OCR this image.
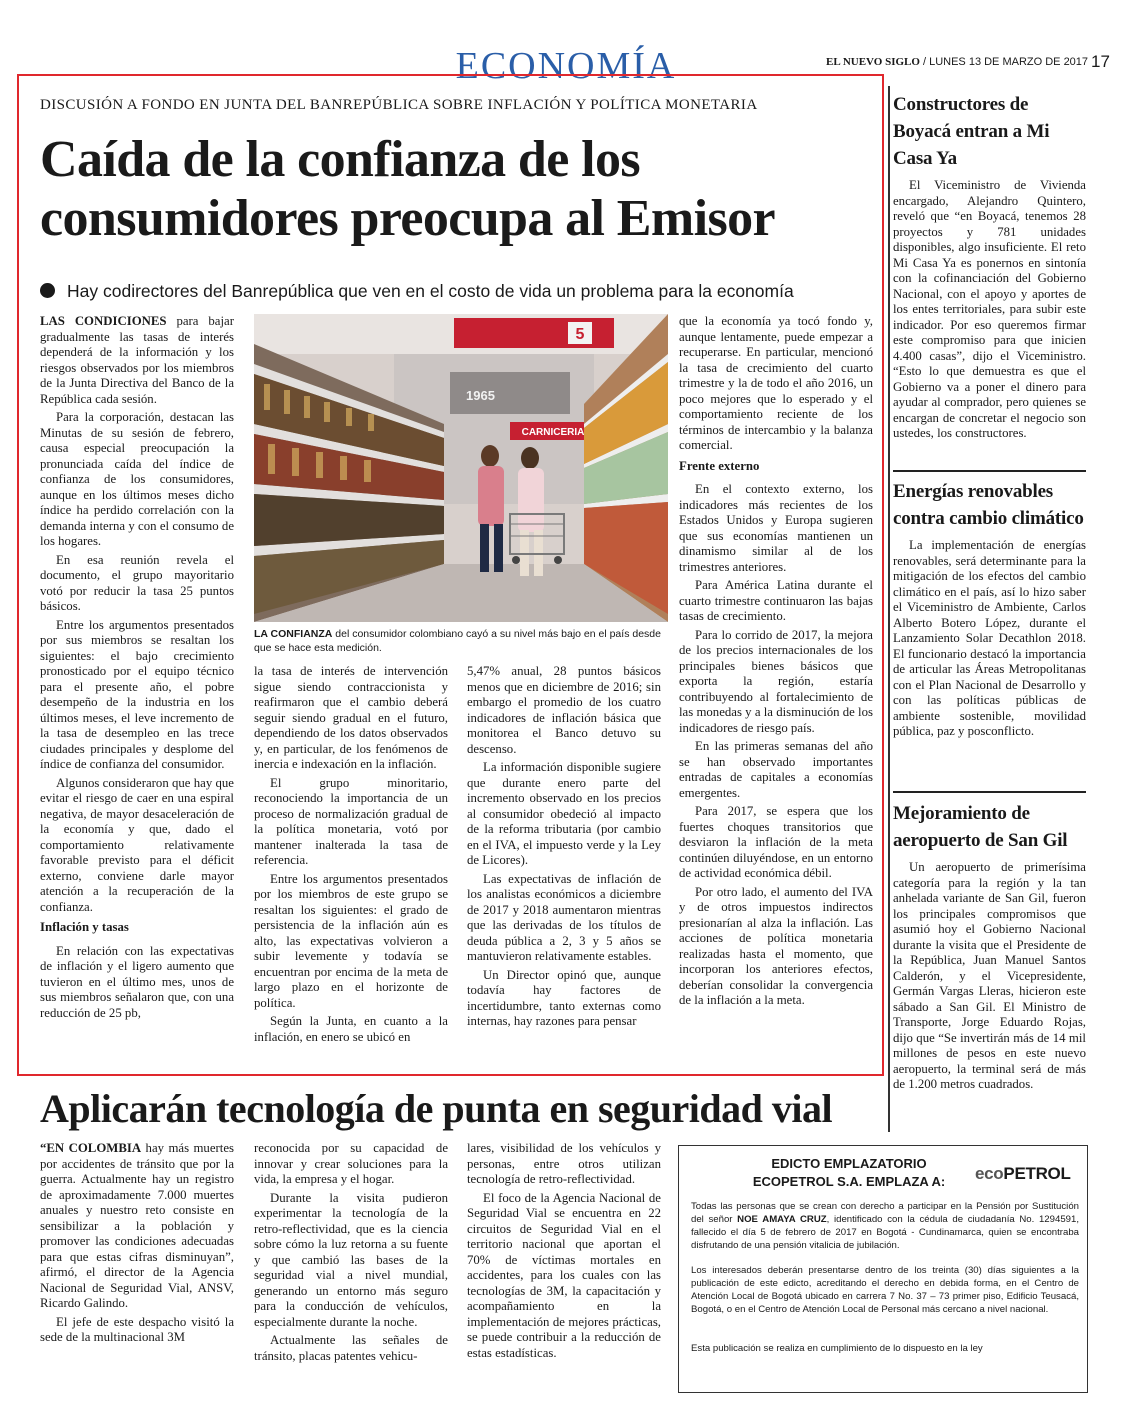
ECONOMÍA	EL NUEVO SIGLO / LUNES 13 DE MARZO DE 2017 17
DISCUSIÓN A FONDO EN JUNTA DEL BANREPÚBLICA SOBRE INFLACIÓN Y POLÍTICA MONETARIA
Caída de la confianza de los consumidores preocupa al Emisor
Hay codirectores del Banrepública que ven en el costo de vida un problema para la economía

LAS CONDICIONES para bajar gradualmente las tasas de interés dependerá de la información y los riesgos observados por los miembros de la Junta Directiva del Banco de la República cada sesión.

Para la corporación, destacan las Minutas de su sesión de febrero, causa especial preocupación la pronunciada caída del índice de confianza de los consumidores, aunque en los últimos meses dicho índice ha perdido correlación con la demanda interna y con el consumo de los hogares.

En esa reunión revela el documento, el grupo mayoritario votó por reducir la tasa 25 puntos básicos.

Entre los argumentos presentados por sus miembros se resaltan los siguientes: el bajo crecimiento pronosticado por el equipo técnico para el presente año, el pobre desempeño de la industria en los últimos meses, el leve incremento de la tasa de desempleo en las trece ciudades principales y desplome del índice de confianza del consumidor.

Algunos consideraron que hay que evitar el riesgo de caer en una espiral negativa, de mayor desaceleración de la economía y que, dado el comportamiento relativamente favorable previsto para el déficit externo, conviene darle mayor atención a la recuperación de la confianza.

Inflación y tasas

En relación con las expectativas de inflación y el ligero aumento que tuvieron en el último mes, unos de sus miembros señalaron que, con una reducción de 25 pb,

5
1965
CARNICERIA
LA CONFIANZA del consumidor colombiano cayó a su nivel más bajo en el país desde que se hace esta medición.

la tasa de interés de intervención sigue siendo contraccionista y reafirmaron que el cambio deberá seguir siendo gradual en el futuro, dependiendo de los datos observados y, en particular, de los fenómenos de inercia e indexación en la inflación.

El grupo minoritario, reconociendo la importancia de un proceso de normalización gradual de la política monetaria, votó por mantener inalterada la tasa de referencia.

Entre los argumentos presentados por los miembros de este grupo se resaltan los siguientes: el grado de persistencia de la inflación aún es alto, las expectativas volvieron a subir levemente y todavía se encuentran por encima de la meta de largo plazo en el horizonte de política.

Según la Junta, en cuanto a la inflación, en enero se ubicó en

5,47% anual, 28 puntos básicos menos que en diciembre de 2016; sin embargo el promedio de los cuatro indicadores de inflación básica que monitorea el Banco detuvo su descenso.

La información disponible sugiere que durante enero parte del incremento observado en los precios al consumidor obedeció al impacto de la reforma tributaria (por cambio en el IVA, el impuesto verde y la Ley de Licores).

Las expectativas de inflación de los analistas económicos a diciembre de 2017 y 2018 aumentaron mientras que las derivadas de los títulos de deuda pública a 2, 3 y 5 años se mantuvieron relativamente estables.

Un Director opinó que, aunque todavía hay factores de incertidumbre, tanto externas como internas, hay razones para pensar

que la economía ya tocó fondo y, aunque lentamente, puede empezar a recuperarse. En particular, mencionó la tasa de crecimiento del cuarto trimestre y la de todo el año 2016, un poco mejores que lo esperado y el comportamiento reciente de los términos de intercambio y la balanza comercial.

Frente externo

En el contexto externo, los indicadores más recientes de los Estados Unidos y Europa sugieren que sus economías mantienen un dinamismo similar al de los trimestres anteriores.

Para América Latina durante el cuarto trimestre continuaron las bajas tasas de crecimiento.

Para lo corrido de 2017, la mejora de los precios internacionales de los principales bienes básicos que exporta la región, estaría contribuyendo al fortalecimiento de las monedas y a la disminución de los indicadores de riesgo país.

En las primeras semanas del año se han observado importantes entradas de capitales a economías emergentes.

Para 2017, se espera que los fuertes choques transitorios que desviaron la inflación de la meta continúen diluyéndose, en un entorno de actividad económica débil.

Por otro lado, el aumento del IVA y de otros impuestos indirectos presionarían al alza la inflación. Las acciones de política monetaria realizadas hasta el momento, que incorporan los anteriores efectos, deberían consolidar la convergencia de la inflación a la meta.

Constructores de Boyacá entran a Mi Casa Ya

El Viceministro de Vivienda encargado, Alejandro Quintero, reveló que “en Boyacá, tenemos 28 proyectos y 781 unidades disponibles, algo insuficiente. El reto Mi Casa Ya es ponernos en sintonía con la cofinanciación del Gobierno Nacional, con el apoyo y aportes de los entes territoriales, para subir este indicador. Por eso queremos firmar este compromiso para que inicien 4.400 casas”, dijo el Viceministro. “Esto lo que demuestra es que el Gobierno va a poner el dinero para ayudar al comprador, pero quienes se encargan de concretar el negocio son ustedes, los constructores.

Energías renovables contra cambio climático

La implementación de energías renovables, será determinante para la mitigación de los efectos del cambio climático en el país, así lo hizo saber el Viceministro de Ambiente, Carlos Alberto Botero López, durante el Lanzamiento Solar Decathlon 2018. El funcionario destacó la importancia de articular las Áreas Metropolitanas con el Plan Nacional de Desarrollo y con las políticas públicas de ambiente sostenible, movilidad pública, paz y posconflicto.

Mejoramiento de aeropuerto de San Gil

Un aeropuerto de primerísima categoría para la región y la tan anhelada variante de San Gil, fueron los principales compromisos que asumió hoy el Gobierno Nacional durante la visita que el Presidente de la República, Juan Manuel Santos Calderón, y el Vicepresidente, Germán Vargas Lleras, hicieron este sábado a San Gil. El Ministro de Transporte, Jorge Eduardo Rojas, dijo que “Se invertirán más de 14 mil millones de pesos en este nuevo aeropuerto, la terminal será de más de 1.200 metros cuadrados.

Aplicarán tecnología de punta en seguridad vial

“EN COLOMBIA hay más muertes por accidentes de tránsito que por la guerra. Actualmente hay un registro de aproximadamente 7.000 muertes anuales y nuestro reto consiste en sensibilizar a la población y promover las condiciones adecuadas para que estas cifras disminuyan”, afirmó, el director de la Agencia Nacional de Seguridad Vial, ANSV, Ricardo Galindo.

El jefe de este despacho visitó la sede de la multinacional 3M

reconocida por su capacidad de innovar y crear soluciones para la vida, la empresa y el hogar.

Durante la visita pudieron experimentar la tecnología de la retro-reflectividad, que es la ciencia sobre cómo la luz retorna a su fuente y que cambió las bases de la seguridad vial a nivel mundial, generando un entorno más seguro para la conducción de vehículos, especialmente durante la noche.

Actualmente las señales de tránsito, placas patentes vehicu-

lares, visibilidad de los vehículos y personas, entre otros utilizan tecnología de retro-reflectividad.

El foco de la Agencia Nacional de Seguridad Vial se encuentra en 22 circuitos de Seguridad Vial en el territorio nacional que aportan el 70% de víctimas mortales en accidentes, para los cuales con las tecnologías de 3M, la capacitación y acompañamiento en la implementación de mejores prácticas, se puede contribuir a la reducción de estas estadísticas.

EDICTO EMPLAZATORIO
ECOPETROL S.A. EMPLAZA A:	ecoPETROL
Todas las personas que se crean con derecho a participar en la Pensión por Sustitución del señor NOE AMAYA CRUZ, identificado con la cédula de ciudadanía No. 1294591, fallecido el día 5 de febrero de 2017 en Bogotá - Cundinamarca, quien se encontraba disfrutando de una pensión vitalicia de jubilación.
Los interesados deberán presentarse dentro de los treinta (30) días siguientes a la publicación de este edicto, acreditando el derecho en debida forma, en el Centro de Atención Local de Bogotá ubicado en carrera 7 No. 37 – 73 primer piso, Edificio Teusacá, Bogotá, o en el Centro de Atención Local de Personal más cercano a nivel nacional.
Esta publicación se realiza en cumplimiento de lo dispuesto en la ley
